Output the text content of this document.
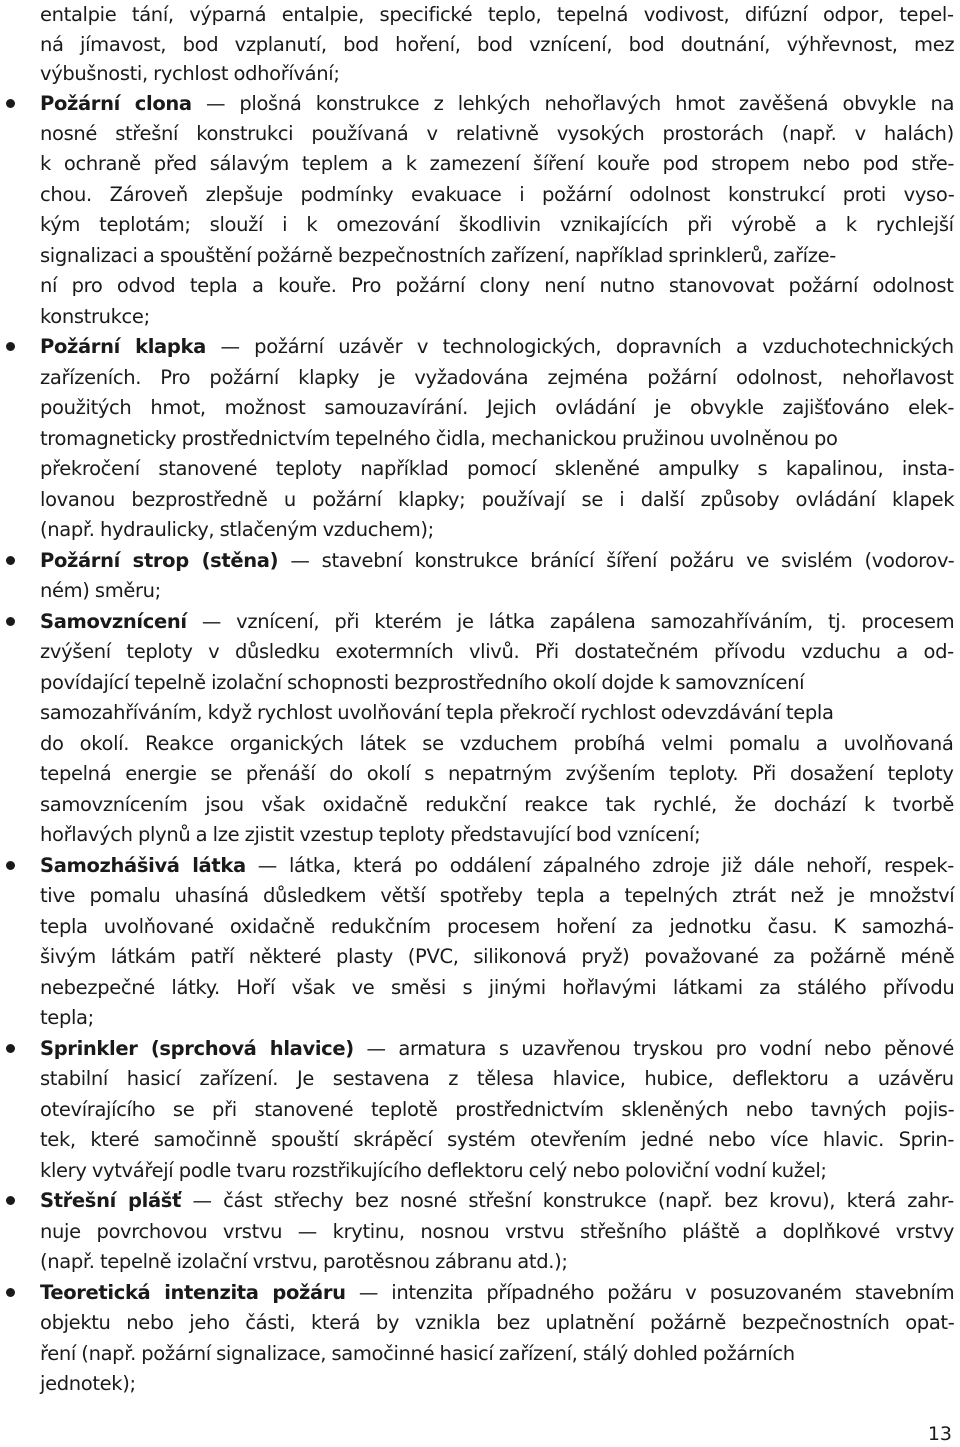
entalpie tání, výparná entalpie, specifické teplo, tepelná vodivost, difúzní odpor, tepel-
ná jímavost, bod vzplanutí, bod hoření, bod vznícení, bod doutnání, výhřevnost, mez
výbušnosti, rychlost odhořívání;
Požární clona — plošná konstrukce z lehkých nehořlavých hmot zavěšená obvykle na
nosné střešní konstrukci používaná v relativně vysokých prostorách (např. v halách)
k ochraně před sálavým teplem a k zamezení šíření kouře pod stropem nebo pod stře-
chou. Zároveň zlepšuje podmínky evakuace i požární odolnost konstrukcí proti vyso-
kým teplotám; slouží i k omezování škodlivin vznikajících při výrobě a k rychlejší
signalizaci a spouštění požárně bezpečnostních zařízení, například sprinklerů, zaříze-
ní pro odvod tepla a kouře. Pro požární clony není nutno stanovovat požární odolnost
konstrukce;
Požární klapka — požární uzávěr v technologických, dopravních a vzduchotechnických
zařízeních. Pro požární klapky je vyžadována zejména požární odolnost, nehořlavost
použitých hmot, možnost samouzavírání. Jejich ovládání je obvykle zajišťováno elek-
tromagneticky prostřednictvím tepelného čidla, mechanickou pružinou uvolněnou po
překročení stanovené teploty například pomocí skleněné ampulky s kapalinou, insta-
lovanou bezprostředně u požární klapky; používají se i další způsoby ovládání klapek
(např. hydraulicky, stlačeným vzduchem);
Požární strop (stěna) — stavební konstrukce bránící šíření požáru ve svislém (vodorov-
ném) směru;
Samovznícení — vznícení, při kterém je látka zapálena samozahříváním, tj. procesem
zvýšení teploty v důsledku exotermních vlivů. Při dostatečném přívodu vzduchu a od-
povídající tepelně izolační schopnosti bezprostředního okolí dojde k samovznícení
samozahříváním, když rychlost uvolňování tepla překročí rychlost odevzdávání tepla
do okolí. Reakce organických látek se vzduchem probíhá velmi pomalu a uvolňovaná
tepelná energie se přenáší do okolí s nepatrným zvýšením teploty. Při dosažení teploty
samovznícením jsou však oxidačně redukční reakce tak rychlé, že dochází k tvorbě
hořlavých plynů a lze zjistit vzestup teploty představující bod vznícení;
Samozhášivá látka — látka, která po oddálení zápalného zdroje již dále nehoří, respek-
tive pomalu uhasíná důsledkem větší spotřeby tepla a tepelných ztrát než je množství
tepla uvolňované oxidačně redukčním procesem hoření za jednotku času. K samozhá-
šivým látkám patří některé plasty (PVC, silikonová pryž) považované za požárně méně
nebezpečné látky. Hoří však ve směsi s jinými hořlavými látkami za stálého přívodu
tepla;
Sprinkler (sprchová hlavice) — armatura s uzavřenou tryskou pro vodní nebo pěnové
stabilní hasicí zařízení. Je sestavena z tělesa hlavice, hubice, deflektoru a uzávěru
otevírajícího se při stanovené teplotě prostřednictvím skleněných nebo tavných pojis-
tek, které samočinně spouští skrápěcí systém otevřením jedné nebo více hlavic. Sprin-
klery vytvářejí podle tvaru rozstřikujícího deflektoru celý nebo poloviční vodní kužel;
Střešní plášť — část střechy bez nosné střešní konstrukce (např. bez krovu), která zahr-
nuje povrchovou vrstvu — krytinu, nosnou vrstvu střešního pláště a doplňkové vrstvy
(např. tepelně izolační vrstvu, parotěsnou zábranu atd.);
Teoretická intenzita požáru — intenzita případného požáru v posuzovaném stavebním
objektu nebo jeho části, která by vznikla bez uplatnění požárně bezpečnostních opat-
ření (např. požární signalizace, samočinné hasicí zařízení, stálý dohled požárních
jednotek);
13
